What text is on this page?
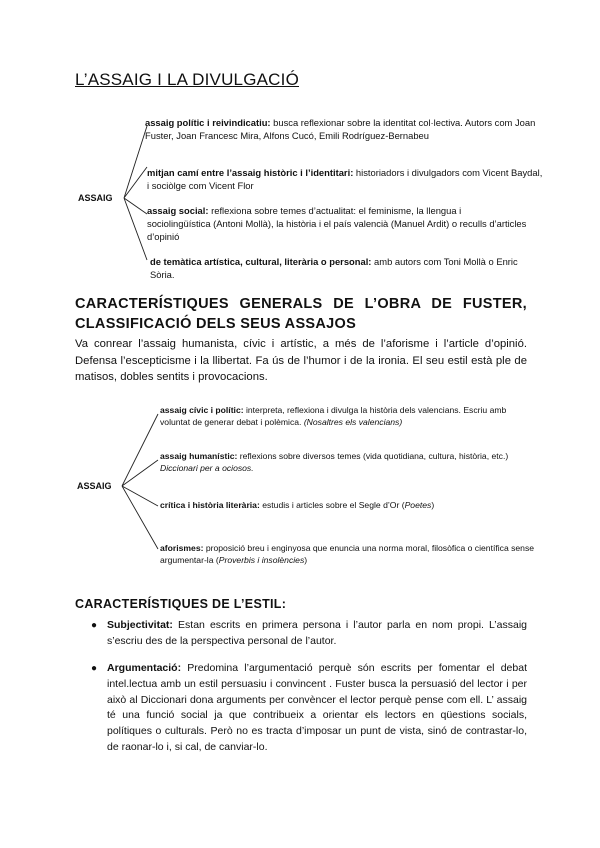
L’ASSAIG I LA DIVULGACIÓ
ASSAIG
assaig polític i reivindicatiu: busca reflexionar sobre la identitat col·lectiva. Autors com Joan Fuster, Joan Francesc Mira, Alfons Cucó, Emili Rodríguez-Bernabeu
mitjan camí entre l’assaig històric i l’identitari: historiadors i divulgadors com Vicent Baydal, i sociòlge com Vicent Flor
assaig social: reflexiona sobre temes d’actualitat: el feminisme, la llengua i sociolingüística (Antoni Mollà), la història i el país valencià (Manuel Ardit) o reculls d’articles d’opinió
de temàtica artística, cultural, literària o personal: amb autors com Toni Mollà o Enric Sòria.
CARACTERÍSTIQUES GENERALS DE L’OBRA DE FUSTER,
CLASSIFICACIÓ DELS SEUS ASSAJOS

Va conrear l’assaig humanista, cívic i artístic, a més de l’aforisme i l’article d’opinió. Defensa l’escepticisme i la llibertat. Fa ús de l’humor i de la ironia. El seu estil està ple de matisos, dobles sentits i provocacions.

ASSAIG
assaig cívic i polític: interpreta, reflexiona i divulga la història dels valencians. Escriu amb voluntat de generar debat i polèmica. (Nosaltres els valencians)
assaig humanístic: reflexions sobre diversos temes (vida quotidiana, cultura, història, etc.) Diccionari per a ociosos.
crítica i història literària: estudis i articles sobre el Segle d’Or (Poetes)
aforismes: proposició breu i enginyosa que enuncia una norma moral, filosòfica o científica sense argumentar-la (Proverbis i insolències)
CARACTERÍSTIQUES DE L’ESTIL:
● Subjectivitat: Estan escrits en primera persona i l’autor parla en nom propi. L’assaig s’escriu des de la perspectiva personal de l’autor.
● Argumentació: Predomina l’argumentació perquè són escrits per fomentar el debat intel.lectua amb un estil persuasiu i convincent . Fuster busca la persuasió del lector i per això al Diccionari dona arguments per convèncer el lector perquè pense com ell. L’ assaig té una funció social ja que contribueix a orientar els lectors en qüestions socials, polítiques o culturals. Però no es tracta d’imposar un punt de vista, sinó de contrastar-lo, de raonar-lo i, si cal, de canviar-lo.
